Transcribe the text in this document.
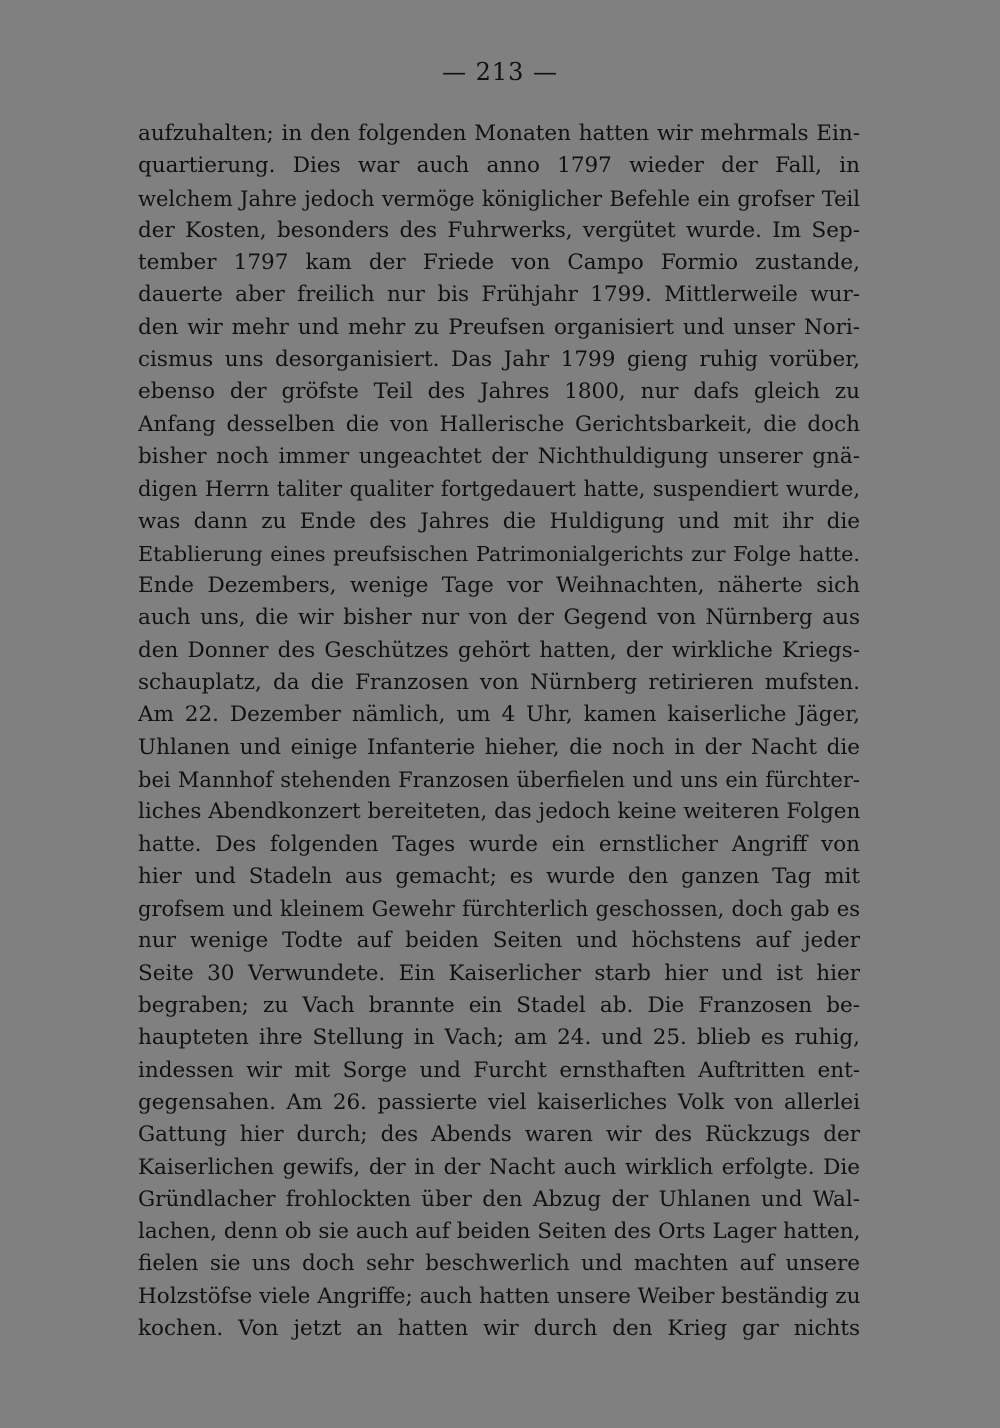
— 213 —
aufzuhalten; in den folgenden Monaten hatten wir mehrmals Ein-
quartierung. Dies war auch anno 1797 wieder der Fall, in
welchem Jahre jedoch vermöge königlicher Befehle ein grofser Teil
der Kosten, besonders des Fuhrwerks, vergütet wurde. Im Sep-
tember 1797 kam der Friede von Campo Formio zustande,
dauerte aber freilich nur bis Frühjahr 1799. Mittlerweile wur-
den wir mehr und mehr zu Preufsen organisiert und unser Nori-
cismus uns desorganisiert. Das Jahr 1799 gieng ruhig vorüber,
ebenso der gröfste Teil des Jahres 1800, nur dafs gleich zu
Anfang desselben die von Hallerische Gerichtsbarkeit, die doch
bisher noch immer ungeachtet der Nichthuldigung unserer gnä-
digen Herrn taliter qualiter fortgedauert hatte, suspendiert wurde,
was dann zu Ende des Jahres die Huldigung und mit ihr die
Etablierung eines preufsischen Patrimonialgerichts zur Folge hatte.
Ende Dezembers, wenige Tage vor Weihnachten, näherte sich
auch uns, die wir bisher nur von der Gegend von Nürnberg aus
den Donner des Geschützes gehört hatten, der wirkliche Kriegs-
schauplatz, da die Franzosen von Nürnberg retirieren mufsten.
Am 22. Dezember nämlich, um 4 Uhr, kamen kaiserliche Jäger,
Uhlanen und einige Infanterie hieher, die noch in der Nacht die
bei Mannhof stehenden Franzosen überfielen und uns ein fürchter-
liches Abendkonzert bereiteten, das jedoch keine weiteren Folgen
hatte. Des folgenden Tages wurde ein ernstlicher Angriff von
hier und Stadeln aus gemacht; es wurde den ganzen Tag mit
grofsem und kleinem Gewehr fürchterlich geschossen, doch gab es
nur wenige Todte auf beiden Seiten und höchstens auf jeder
Seite 30 Verwundete. Ein Kaiserlicher starb hier und ist hier
begraben; zu Vach brannte ein Stadel ab. Die Franzosen be-
haupteten ihre Stellung in Vach; am 24. und 25. blieb es ruhig,
indessen wir mit Sorge und Furcht ernsthaften Auftritten ent-
gegensahen. Am 26. passierte viel kaiserliches Volk von allerlei
Gattung hier durch; des Abends waren wir des Rückzugs der
Kaiserlichen gewifs, der in der Nacht auch wirklich erfolgte. Die
Gründlacher frohlockten über den Abzug der Uhlanen und Wal-
lachen, denn ob sie auch auf beiden Seiten des Orts Lager hatten,
fielen sie uns doch sehr beschwerlich und machten auf unsere
Holzstöfse viele Angriffe; auch hatten unsere Weiber beständig zu
kochen. Von jetzt an hatten wir durch den Krieg gar nichts
